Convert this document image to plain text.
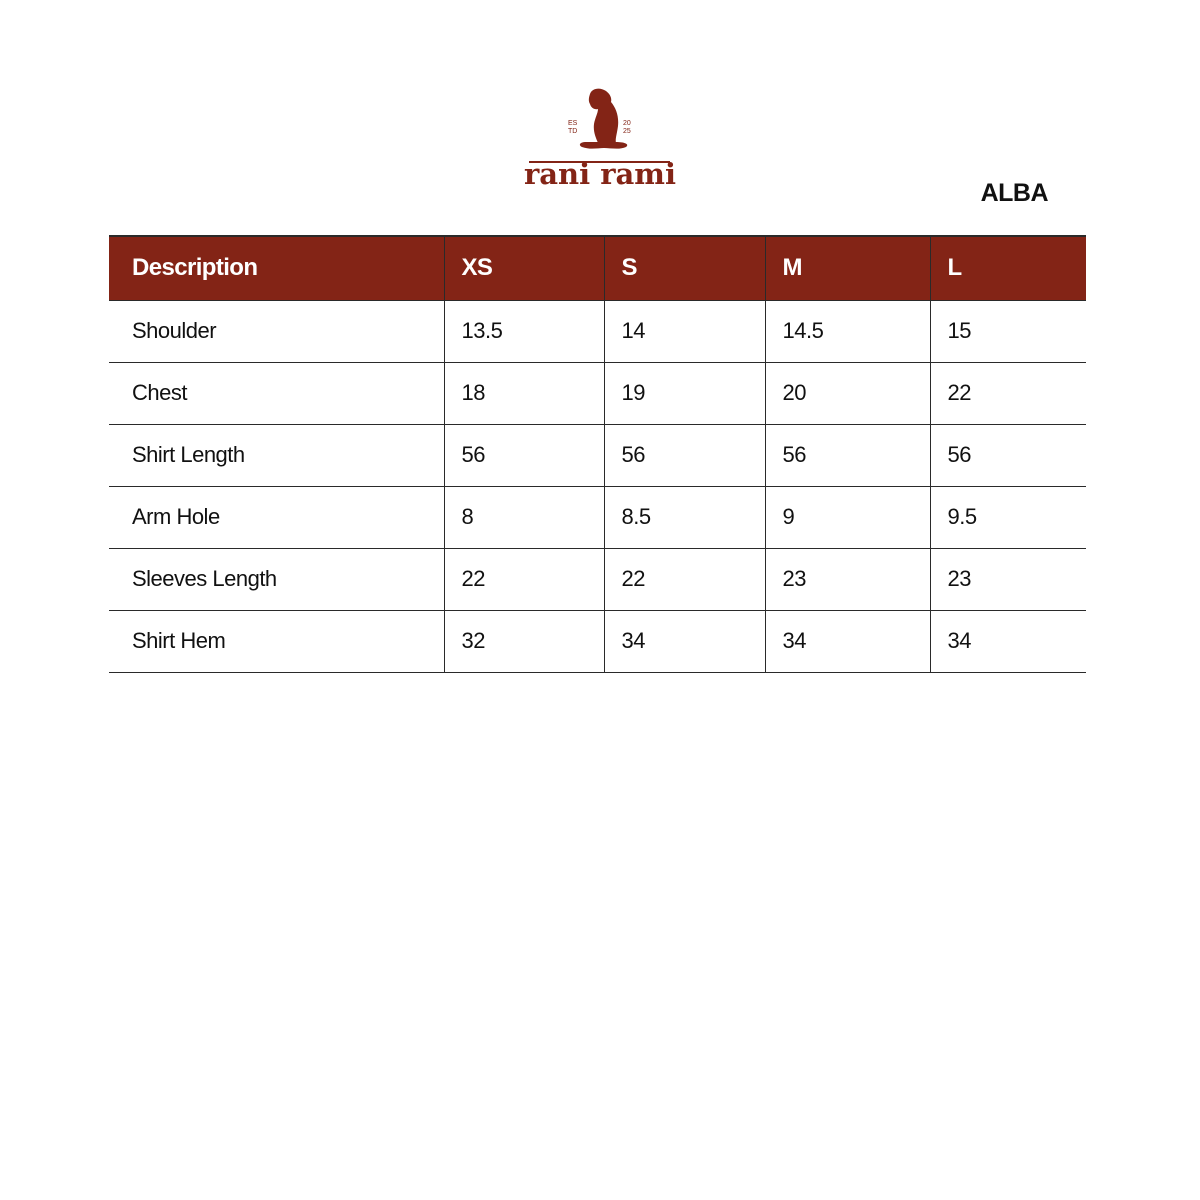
ES
TD
20
25
rani rami
ALBA
Description	XS	S	M	L
Shoulder	13.5	14	14.5	15
Chest	18	19	20	22
Shirt Length	56	56	56	56
Arm Hole	8	8.5	9	9.5
Sleeves Length	22	22	23	23
Shirt Hem	32	34	34	34
